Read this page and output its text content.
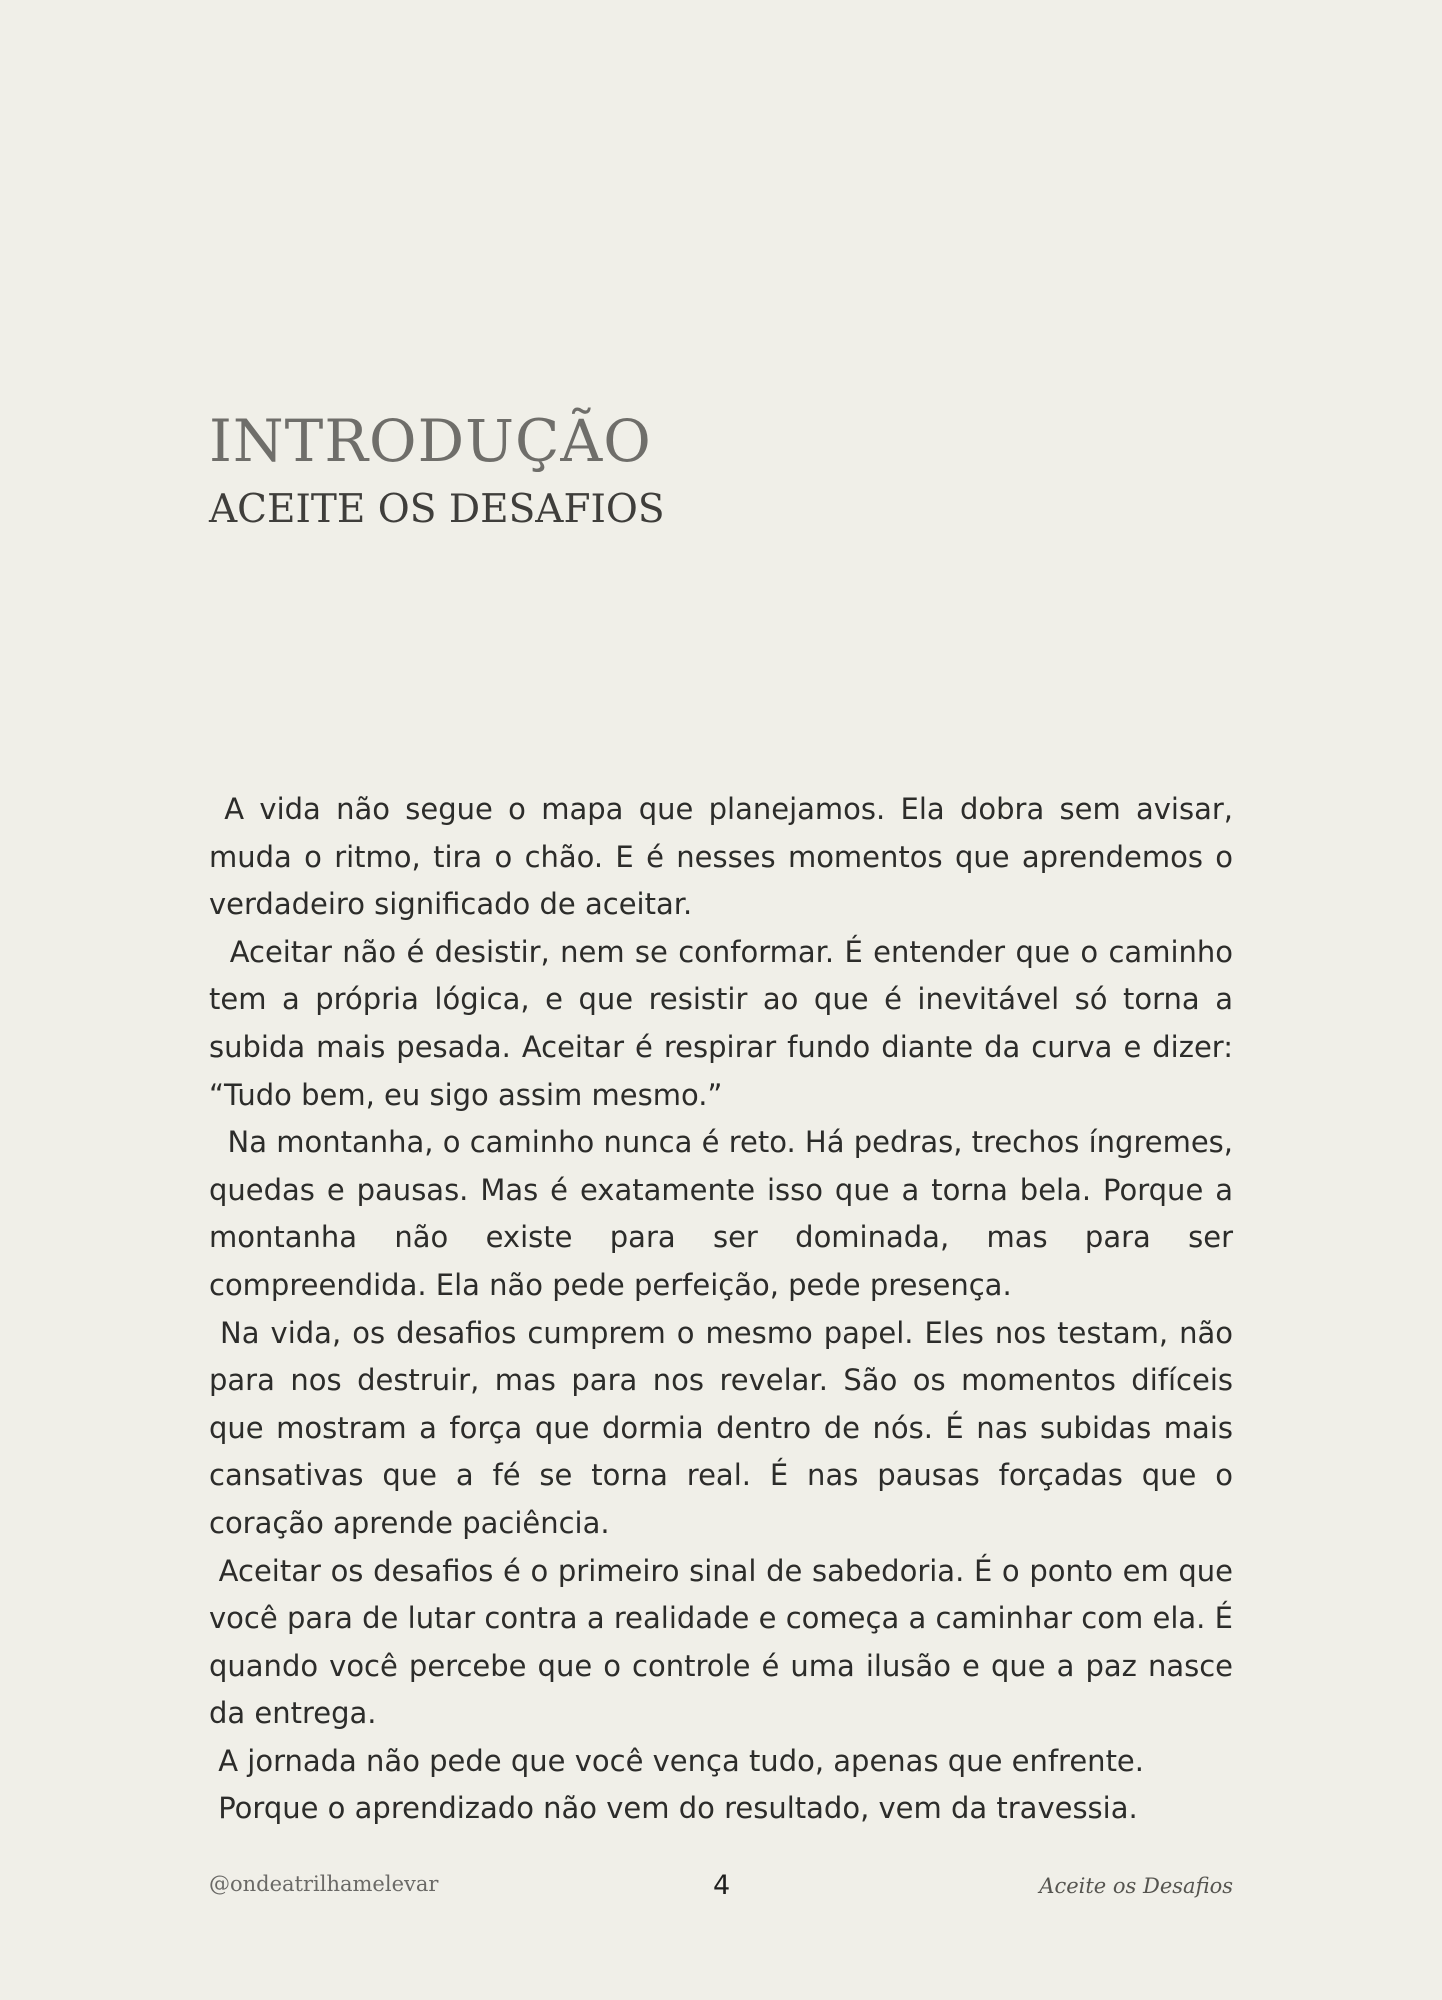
INTRODUÇÃO
ACEITE OS DESAFIOS

A vida não segue o mapa que planejamos. Ela dobra sem avisar, muda o ritmo, tira o chão. E é nesses momentos que aprendemos o verdadeiro significado de aceitar.

Aceitar não é desistir, nem se conformar. É entender que o caminho tem a própria lógica, e que resistir ao que é inevitável só torna a subida mais pesada. Aceitar é respirar fundo diante da curva e dizer: “Tudo bem, eu sigo assim mesmo.”

Na montanha, o caminho nunca é reto. Há pedras, trechos íngremes, quedas e pausas. Mas é exatamente isso que a torna bela. Porque a montanha não existe para ser dominada, mas para ser compreendida. Ela não pede perfeição, pede presença.

Na vida, os desafios cumprem o mesmo papel. Eles nos testam, não para nos destruir, mas para nos revelar. São os momentos difíceis que mostram a força que dormia dentro de nós. É nas subidas mais cansativas que a fé se torna real. É nas pausas forçadas que o coração aprende paciência.

Aceitar os desafios é o primeiro sinal de sabedoria. É o ponto em que você para de lutar contra a realidade e começa a caminhar com ela. É quando você percebe que o controle é uma ilusão e que a paz nasce da entrega.

A jornada não pede que você vença tudo, apenas que enfrente.

Porque o aprendizado não vem do resultado, vem da travessia.

@ondeatrilhamelevar	4	Aceite os Desafios
